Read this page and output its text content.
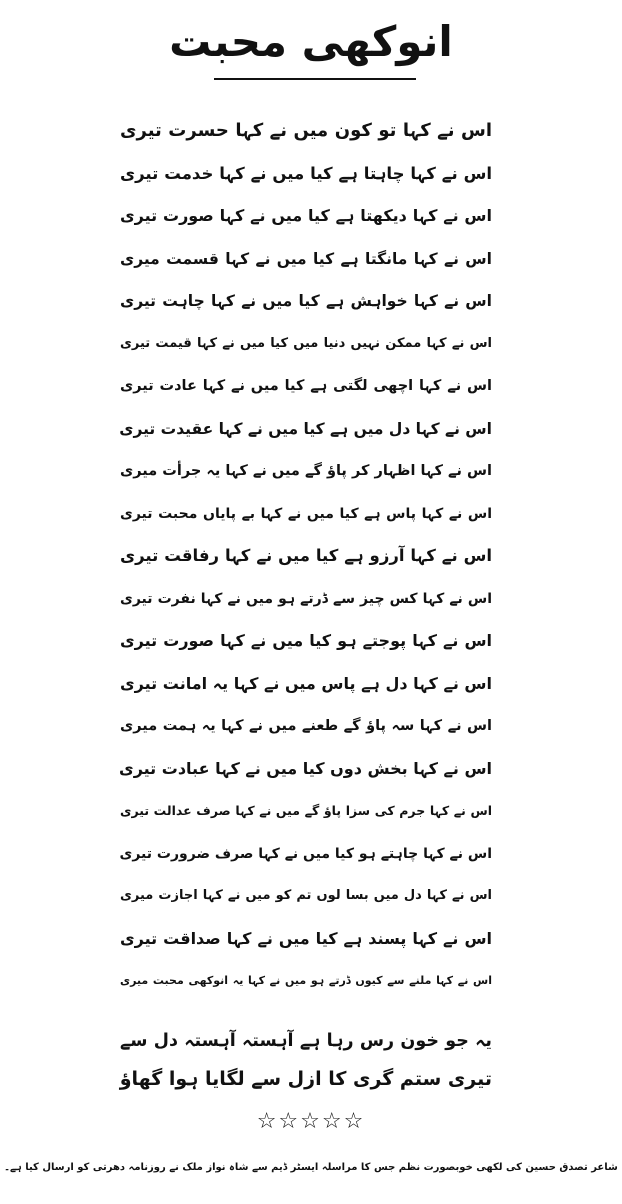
انوکھی محبت
اس نے کہا تو کون میں نے کہا حسرت تیری
اس نے کہا چاہتا ہے کیا میں نے کہا خدمت تیری
اس نے کہا دیکھتا ہے کیا میں نے کہا صورت تیری
اس نے کہا مانگتا ہے کیا میں نے کہا قسمت میری
اس نے کہا خواہش ہے کیا میں نے کہا چاہت تیری
اس نے کہا ممکن نہیں دنیا میں کیا میں نے کہا قیمت تیری
اس نے کہا اچھی لگتی ہے کیا میں نے کہا عادت تیری
اس نے کہا دل میں ہے کیا میں نے کہا عقیدت تیری
اس نے کہا اظہار کر پاؤ گے میں نے کہا یہ جرأت میری
اس نے کہا پاس ہے کیا میں نے کہا بے پایاں محبت تیری
اس نے کہا آرزو ہے کیا میں نے کہا رفاقت تیری
اس نے کہا کس چیز سے ڈرتے ہو میں نے کہا نفرت تیری
اس نے کہا پوجتے ہو کیا میں نے کہا صورت تیری
اس نے کہا دل ہے پاس میں نے کہا یہ امانت تیری
اس نے کہا سہ پاؤ گے طعنے میں نے کہا یہ ہمت میری
اس نے کہا بخش دوں کیا میں نے کہا عبادت تیری
اس نے کہا جرم کی سزا پاؤ گے میں نے کہا صرف عدالت تیری
اس نے کہا چاہتے ہو کیا میں نے کہا صرف ضرورت تیری
اس نے کہا دل میں بسا لوں تم کو میں نے کہا اجازت میری
اس نے کہا پسند ہے کیا میں نے کہا صداقت تیری
اس نے کہا ملنے سے کیوں ڈرتے ہو میں نے کہا یہ انوکھی محبت میری
یہ جو خون رس رہا ہے آہستہ آہستہ دل سے
تیری ستم گری کا ازل سے لگایا ہوا گھاؤ
☆☆☆☆☆
شاعر تصدق حسین کی لکھی خوبصورت نظم جس کا مراسلہ ایسٹر ڈیم سے شاہ نواز ملک نے روزنامہ دھرتی کو ارسال کیا ہے۔
